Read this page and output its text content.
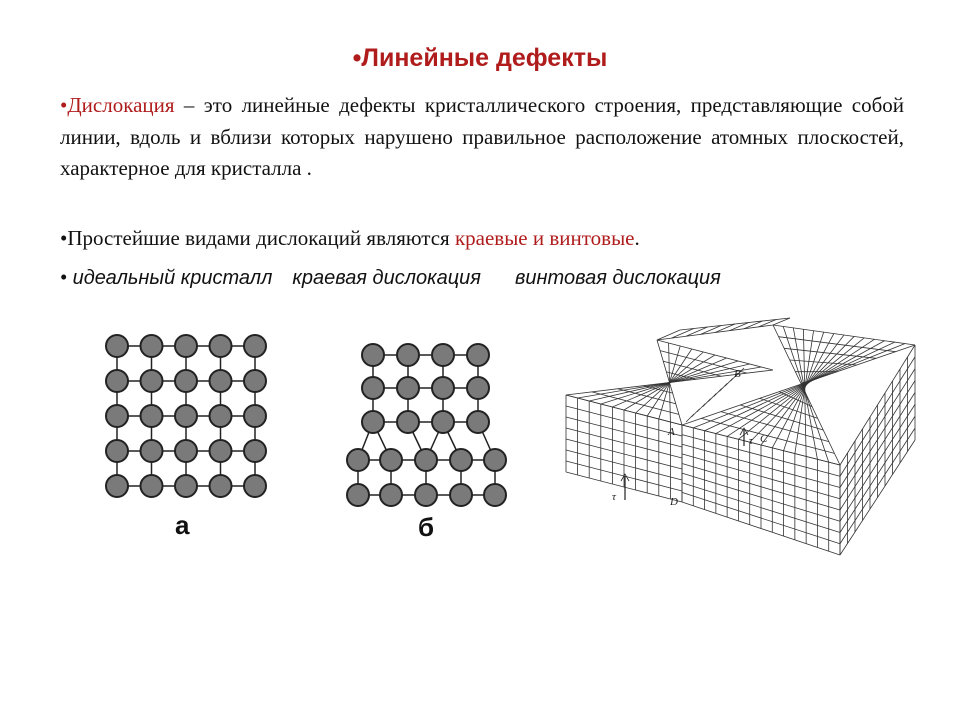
•Линейные дефекты
•Дислокация – это линейные дефекты кристаллического строения, представляющие собой линии, вдоль и вблизи которых нарушено правильное расположение атомных плоскостей, характерное для кристалла .
•Простейшие видами дислокаций являются краевые и винтовые.
• идеальный кристалл краевая дислокация винтовая дислокация
а	б
B
A
C
D
τ
τ
